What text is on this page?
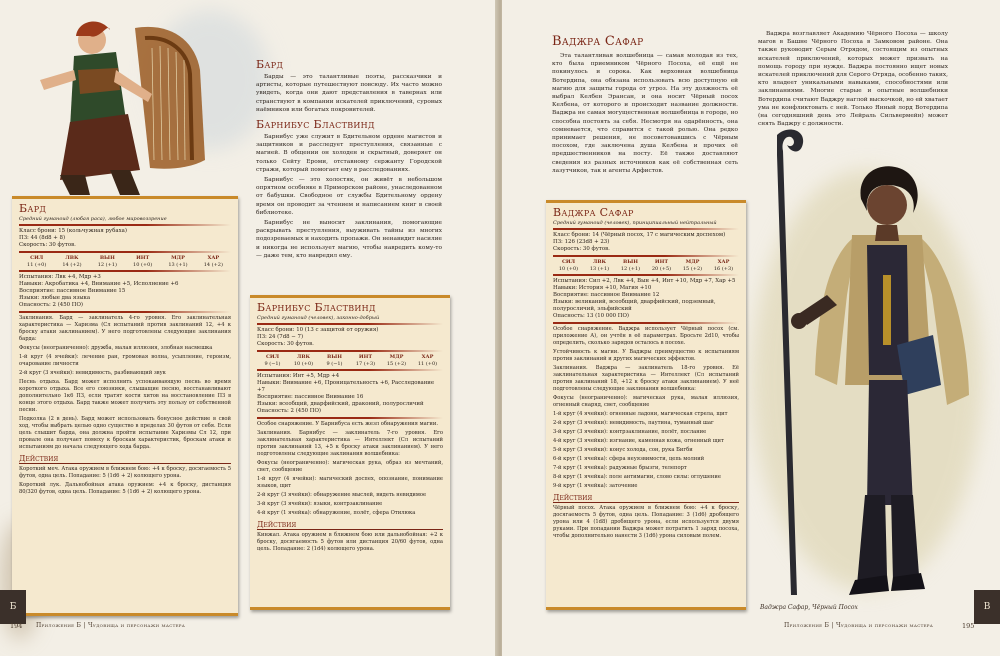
Бард

Барды — это талантливые поэты, рассказчики и артисты, которые путешествуют повсюду. Их часто можно увидеть, когда они дают представления в тавернах или странствуют в компании искателей приключений, суровых наёмников или богатых покровителей.

Барнибус Бластвинд

Барнибус уже служит в Бдительном ордене магистов и защитников и расследует преступления, связанные с магией. В общении он холоден и скрытный, доверяет он только Сейту Ероми, отставному сержанту Городской стражи, который помогает ему в расследованиях.

Барнибус — это холостяк, он живёт в небольшом опрятном особняке в Приморском районе, унаследованном от бабушки. Свободное от службы Бдительному ордену время он проводит за чтением и написанием книг в своей библиотеке.

Барнибус не выносит заклинания, помогающие раскрывать преступления, выуживать тайны из многих подозреваемых и находить пропажи. Он ненавидит насилие и никогда не использует магию, чтобы навредить кому-то — даже тем, кто навредил ему.

Бард
Средний гуманоид (любая раса), любое мировоззрение

Класс брони: 15 (кольчужная рубаха)

ПЗ: 44 (8d8 + 8)

Скорость: 30 футов.

СИЛ
11 (+0)
ЛВК
14 (+2)
ВЫН
12 (+1)
ИНТ
10 (+0)
МДР
13 (+1)
ХАР
14 (+2)

Испытания: Лвк +4, Мдр +3

Навыки: Акробатика +4, Внимание +5, Исполнение +6

Восприятие: пассивное Внимание 15

Языки: любые два языка

Опасность: 2 (450 ПО)

Заклинания. Бард — заклинатель 4-го уровня. Его заклинательная характеристика — Харизма (Сл испытаний против заклинаний 12, +4 к броску атаки заклинанием). У него подготовлены следующие заклинания барда:

Фокусы (неограниченно): дружба, малая иллюзия, злобная насмешка

1-й круг (4 ячейки): лечение ран, громовая волна, усыпление, героизм, очарование личности

2-й круг (3 ячейки): невидимость, разбивающий звук

Песнь отдыха. Бард может исполнить успокаивающую песнь во время короткого отдыха. Все его союзники, слышащие песню, восстанавливают дополнительно 1к6 ПЗ, если тратят кости хитов на восстановление ПЗ в конце этого отдыха. Бард также может получить эту пользу от собственной песни.

Подколка (2 в день). Бард может использовать бонусное действие в свой ход, чтобы выбрать целью одно существо в пределах 30 футов от себя. Если цель слышит барда, она должна пройти испытание Харизмы Сл 12, при провале она получает помеху к броскам характеристик, броскам атаки и испытаниям до начала следующего хода барда.

Действия

Короткий меч. Атака оружием в ближнем бою: +4 к броску, досягаемость 5 футов, одна цель. Попадание: 5 (1d6 + 2) колющего урона.

Короткий лук. Дальнобойная атака оружием: +4 к броску, дистанция 80/320 футов, одна цель. Попадание: 5 (1d6 + 2) колющего урона.

Барнибус Бластвинд
Средний гуманоид (человек), законно-добрый

Класс брони: 10 (13 с защитой от оружия)

ПЗ: 24 (7d8 − 7)

Скорость: 30 футов.

СИЛ
9 (−1)
ЛВК
10 (+0)
ВЫН
9 (−1)
ИНТ
17 (+3)
МДР
15 (+2)
ХАР
11 (+0)

Испытания: Инт +5, Мдр +4

Навыки: Внимание +6, Проницательность +6, Расследование +7

Восприятие: пассивное Внимание 16

Языки: всеобщий, дварфийский, драконий, полуросличий

Опасность: 2 (450 ПО)

Особое снаряжение. У Барнибуса есть жезл обнаружения магии.

Заклинания. Барнибус — заклинатель 7-го уровня. Его заклинательная характеристика — Интеллект (Сл испытаний против заклинаний 13, +5 к броску атаки заклинанием). У него подготовлены следующие заклинания волшебника:

Фокусы (неограниченно): магическая рука, образ из мечтаний, свет, сообщение

1-й круг (4 ячейки): магический доспех, опознание, понимание языков, щит

2-й круг (3 ячейки): обнаружение мыслей, видеть невидимое

3-й круг (3 ячейки): языки, контрзаклинание

4-й круг (1 ячейка): обнаружение, полёт, сфера Отилюка

Действия

Кинжал. Атака оружием в ближнем бою или дальнобойная: +2 к броску, досягаемость 5 футов или дистанция 20/60 футов, одна цель. Попадание: 2 (1d4) колющего урона.

Б
194 Приложение Б | Чудовища и персонажи мастера
Ваджра Сафар

Эта талантливая волшебница — самая молодая из тех, кто была приемником Чёрного Посоха, её ещё не покинулось и сорока. Как верховная волшебница Вотердипа, она обязана использовать всю доступную ей магию для защиты города от угроз. На эту должность её выбрал Келбен Эрансан, и она носит Чёрный посох Келбена, от которого и происходит название должности. Ваджра не самая могущественная волшебница в городе, но способна постоять за себя. Несмотря на одарённость, она сомневается, что справится с такой ролью. Она редко принимает решения, не посоветовавшись с Чёрным посохом, где заключена душа Келбена и прочих её предшественников на посту. Её также доставляют сведения из разных источников как её собственная сеть лазутчиков, так и агенты Арфистов.

Ваджра возглавляет Академию Чёрного Посоха — школу магов в Башне Чёрного Посоха в Замковом районе. Она также руководит Серым Отрядом, состоящим из опытных искателей приключений, которых может призвать на помощь городу при нужде. Ваджра постоянно ищет новых искателей приключений для Серого Отряда, особенно таких, кто владеет уникальными навыками, способностями или заклинаниями. Многие старые и опытные волшебники Вотердипа считают Ваджру наглой выскочкой, но ей хватает ума не конфликтовать с ней. Только Янный лорд Вотердипа (на сегодняшний день это Лейраль Сильвермейн) может снять Ваджру с должности.

Ваджра Сафар
Средний гуманоид (человек), принципиальный нейтральный

Класс брони: 14 (Чёрный посох, 17 с магическим доспехом)

ПЗ: 126 (23d8 + 23)

Скорость: 30 футов.

СИЛ
10 (+0)
ЛВК
13 (+1)
ВЫН
12 (+1)
ИНТ
20 (+5)
МДР
15 (+2)
ХАР
16 (+3)

Испытания: Сил +2, Лвк +4, Вын +4, Инт +10, Мдр +7, Хар +5

Навыки: История +10, Магия +10

Восприятие: пассивное Внимание 12

Языки: великаний, всеобщий, дварфийский, подземный, полуросличий, эльфийский

Опасность: 13 (10 000 ПО)

Особое снаряжение. Ваджра использует Чёрный посох (см. приложение А), он учтён в её параметрах. Бросьте 2d10, чтобы определить, сколько зарядов осталось в посохе.

Устойчивость к магии. У Ваджры преимущество к испытаниям против заклинаний и других магических эффектов.

Заклинания. Ваджра — заклинатель 18-го уровня. Её заклинательная характеристика — Интеллект (Сл испытаний против заклинаний 18, +12 к броску атаки заклинанием). У неё подготовлены следующие заклинания волшебника:

Фокусы (неограниченно): магическая рука, малая иллюзия, огненный снаряд, свет, сообщение

1-й круг (4 ячейки): огненные ладони, магическая стрела, щит

2-й круг (3 ячейки): невидимость, паутина, туманный шаг

3-й круг (3 ячейки): контрзаклинание, полёт, послание

4-й круг (3 ячейки): изгнание, каменная кожа, огненный щит

5-й круг (3 ячейки): конус холода, сон, рука Бигби

6-й круг (1 ячейка): сфера неуязвимости, цепь молний

7-й круг (1 ячейка): радужные брызги, телепорт

8-й круг (1 ячейка): поле антимагии, слово силы: оглушение

9-й круг (1 ячейка): заточение

Действия

Чёрный посох. Атака оружием в ближнем бою: +4 к броску, досягаемость 5 футов, одна цель. Попадание: 3 (1d6) дробящего урона или 4 (1d8) дробящего урона, если используется двумя руками. При попадании Ваджра может потратить 1 заряд посоха, чтобы дополнительно нанести 3 (1d6) урона силовым полем.

Ваджра Сафар, Чёрный Посох	В
Приложение Б | Чудовища и персонажи мастера	195
